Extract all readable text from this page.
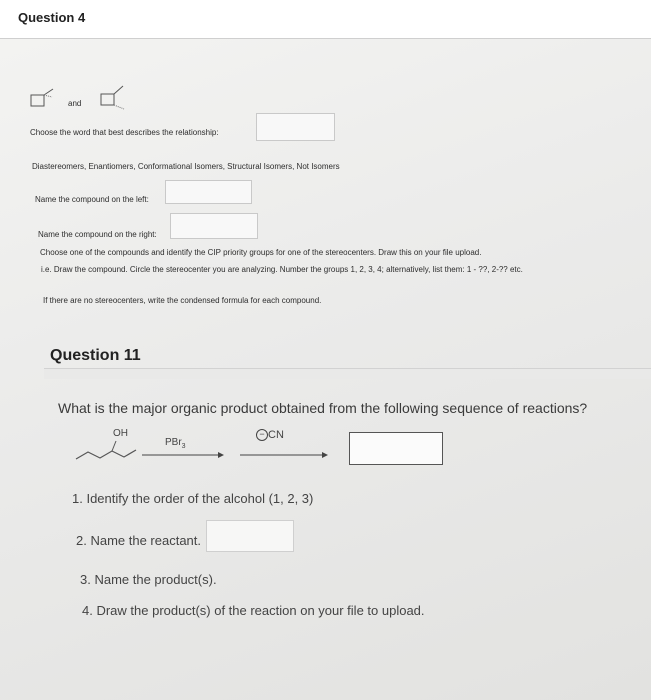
Question 4
and
Choose the word that best describes the relationship:
Diastereomers, Enantiomers, Conformational Isomers, Structural Isomers, Not Isomers
Name the compound on the left:
Name the compound on the right:
Choose one of the compounds and identify the CIP priority groups for one of the stereocenters. Draw this on your file upload.
i.e. Draw the compound. Circle the stereocenter you are analyzing. Number the groups 1, 2, 3, 4; alternatively, list them: 1 - ??, 2-?? etc.
If there are no stereocenters, write the condensed formula for each compound.
Question 11
What is the major organic product obtained from the following sequence of reactions?
OH
PBr$_3$
− CN
1. Identify the order of the alcohol (1, 2, 3)
2. Name the reactant.
3. Name the product(s).
4. Draw the product(s) of the reaction on your file to upload.
